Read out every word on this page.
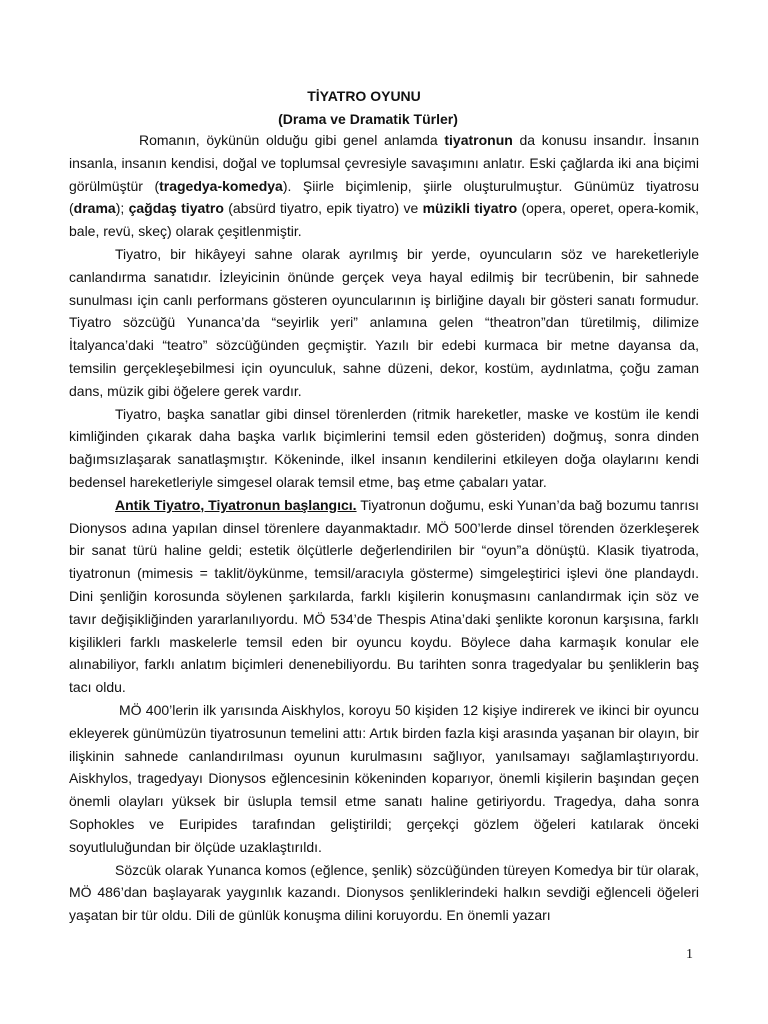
TİYATRO OYUNU
(Drama ve Dramatik Türler)

Romanın, öykünün olduğu gibi genel anlamda tiyatronun da konusu insandır. İnsanın insanla, insanın kendisi, doğal ve toplumsal çevresiyle savaşımını anlatır. Eski çağlarda iki ana biçimi görülmüştür (tragedya-komedya). Şiirle biçimlenip, şiirle oluşturulmuştur. Günümüz tiyatrosu (drama); çağdaş tiyatro (absürd tiyatro, epik tiyatro) ve müzikli tiyatro (opera, operet, opera-komik, bale, revü, skeç) olarak çeşitlenmiştir.

Tiyatro, bir hikâyeyi sahne olarak ayrılmış bir yerde, oyuncuların söz ve hareketleriyle canlandırma sanatıdır. İzleyicinin önünde gerçek veya hayal edilmiş bir tecrübenin, bir sahnede sunulması için canlı performans gösteren oyuncularının iş birliğine dayalı bir gösteri sanatı formudur. Tiyatro sözcüğü Yunanca’da “seyirlik yeri” anlamına gelen “theatron”dan türetilmiş, dilimize İtalyanca’daki “teatro” sözcüğünden geçmiştir. Yazılı bir edebi kurmaca bir metne dayansa da, temsilin gerçekleşebilmesi için oyunculuk, sahne düzeni, dekor, kostüm, aydınlatma, çoğu zaman dans, müzik gibi öğelere gerek vardır.

Tiyatro, başka sanatlar gibi dinsel törenlerden (ritmik hareketler, maske ve kostüm ile kendi kimliğinden çıkarak daha başka varlık biçimlerini temsil eden gösteriden) doğmuş, sonra dinden bağımsızlaşarak sanatlaşmıştır. Kökeninde, ilkel insanın kendilerini etkileyen doğa olaylarını kendi bedensel hareketleriyle simgesel olarak temsil etme, baş etme çabaları yatar.

Antik Tiyatro, Tiyatronun başlangıcı. Tiyatronun doğumu, eski Yunan’da bağ bozumu tanrısı Dionysos adına yapılan dinsel törenlere dayanmaktadır. MÖ 500’lerde dinsel törenden özerkleşerek bir sanat türü haline geldi; estetik ölçütlerle değerlendirilen bir “oyun”a dönüştü. Klasik tiyatroda, tiyatronun (mimesis = taklit/öykünme, temsil/aracıyla gösterme) simgeleştirici işlevi öne plandaydı. Dini şenliğin korosunda söylenen şarkılarda, farklı kişilerin konuşmasını canlandırmak için söz ve tavır değişikliğinden yararlanılıyordu. MÖ 534’de Thespis Atina’daki şenlikte koronun karşısına, farklı kişilikleri farklı maskelerle temsil eden bir oyuncu koydu. Böylece daha karmaşık konular ele alınabiliyor, farklı anlatım biçimleri denenebiliyordu. Bu tarihten sonra tragedyalar bu şenliklerin baş tacı oldu.

MÖ 400’lerin ilk yarısında Aiskhylos, koroyu 50 kişiden 12 kişiye indirerek ve ikinci bir oyuncu ekleyerek günümüzün tiyatrosunun temelini attı: Artık birden fazla kişi arasında yaşanan bir olayın, bir ilişkinin sahnede canlandırılması oyunun kurulmasını sağlıyor, yanılsamayı sağlamlaştırıyordu. Aiskhylos, tragedyayı Dionysos eğlencesinin kökeninden koparıyor, önemli kişilerin başından geçen önemli olayları yüksek bir üslupla temsil etme sanatı haline getiriyordu. Tragedya, daha sonra Sophokles ve Euripides tarafından geliştirildi; gerçekçi gözlem öğeleri katılarak önceki soyutluluğundan bir ölçüde uzaklaştırıldı.

Sözcük olarak Yunanca komos (eğlence, şenlik) sözcüğünden türeyen Komedya bir tür olarak, MÖ 486’dan başlayarak yaygınlık kazandı. Dionysos şenliklerindeki halkın sevdiği eğlenceli öğeleri yaşatan bir tür oldu. Dili de günlük konuşma dilini koruyordu. En önemli yazarı

1
